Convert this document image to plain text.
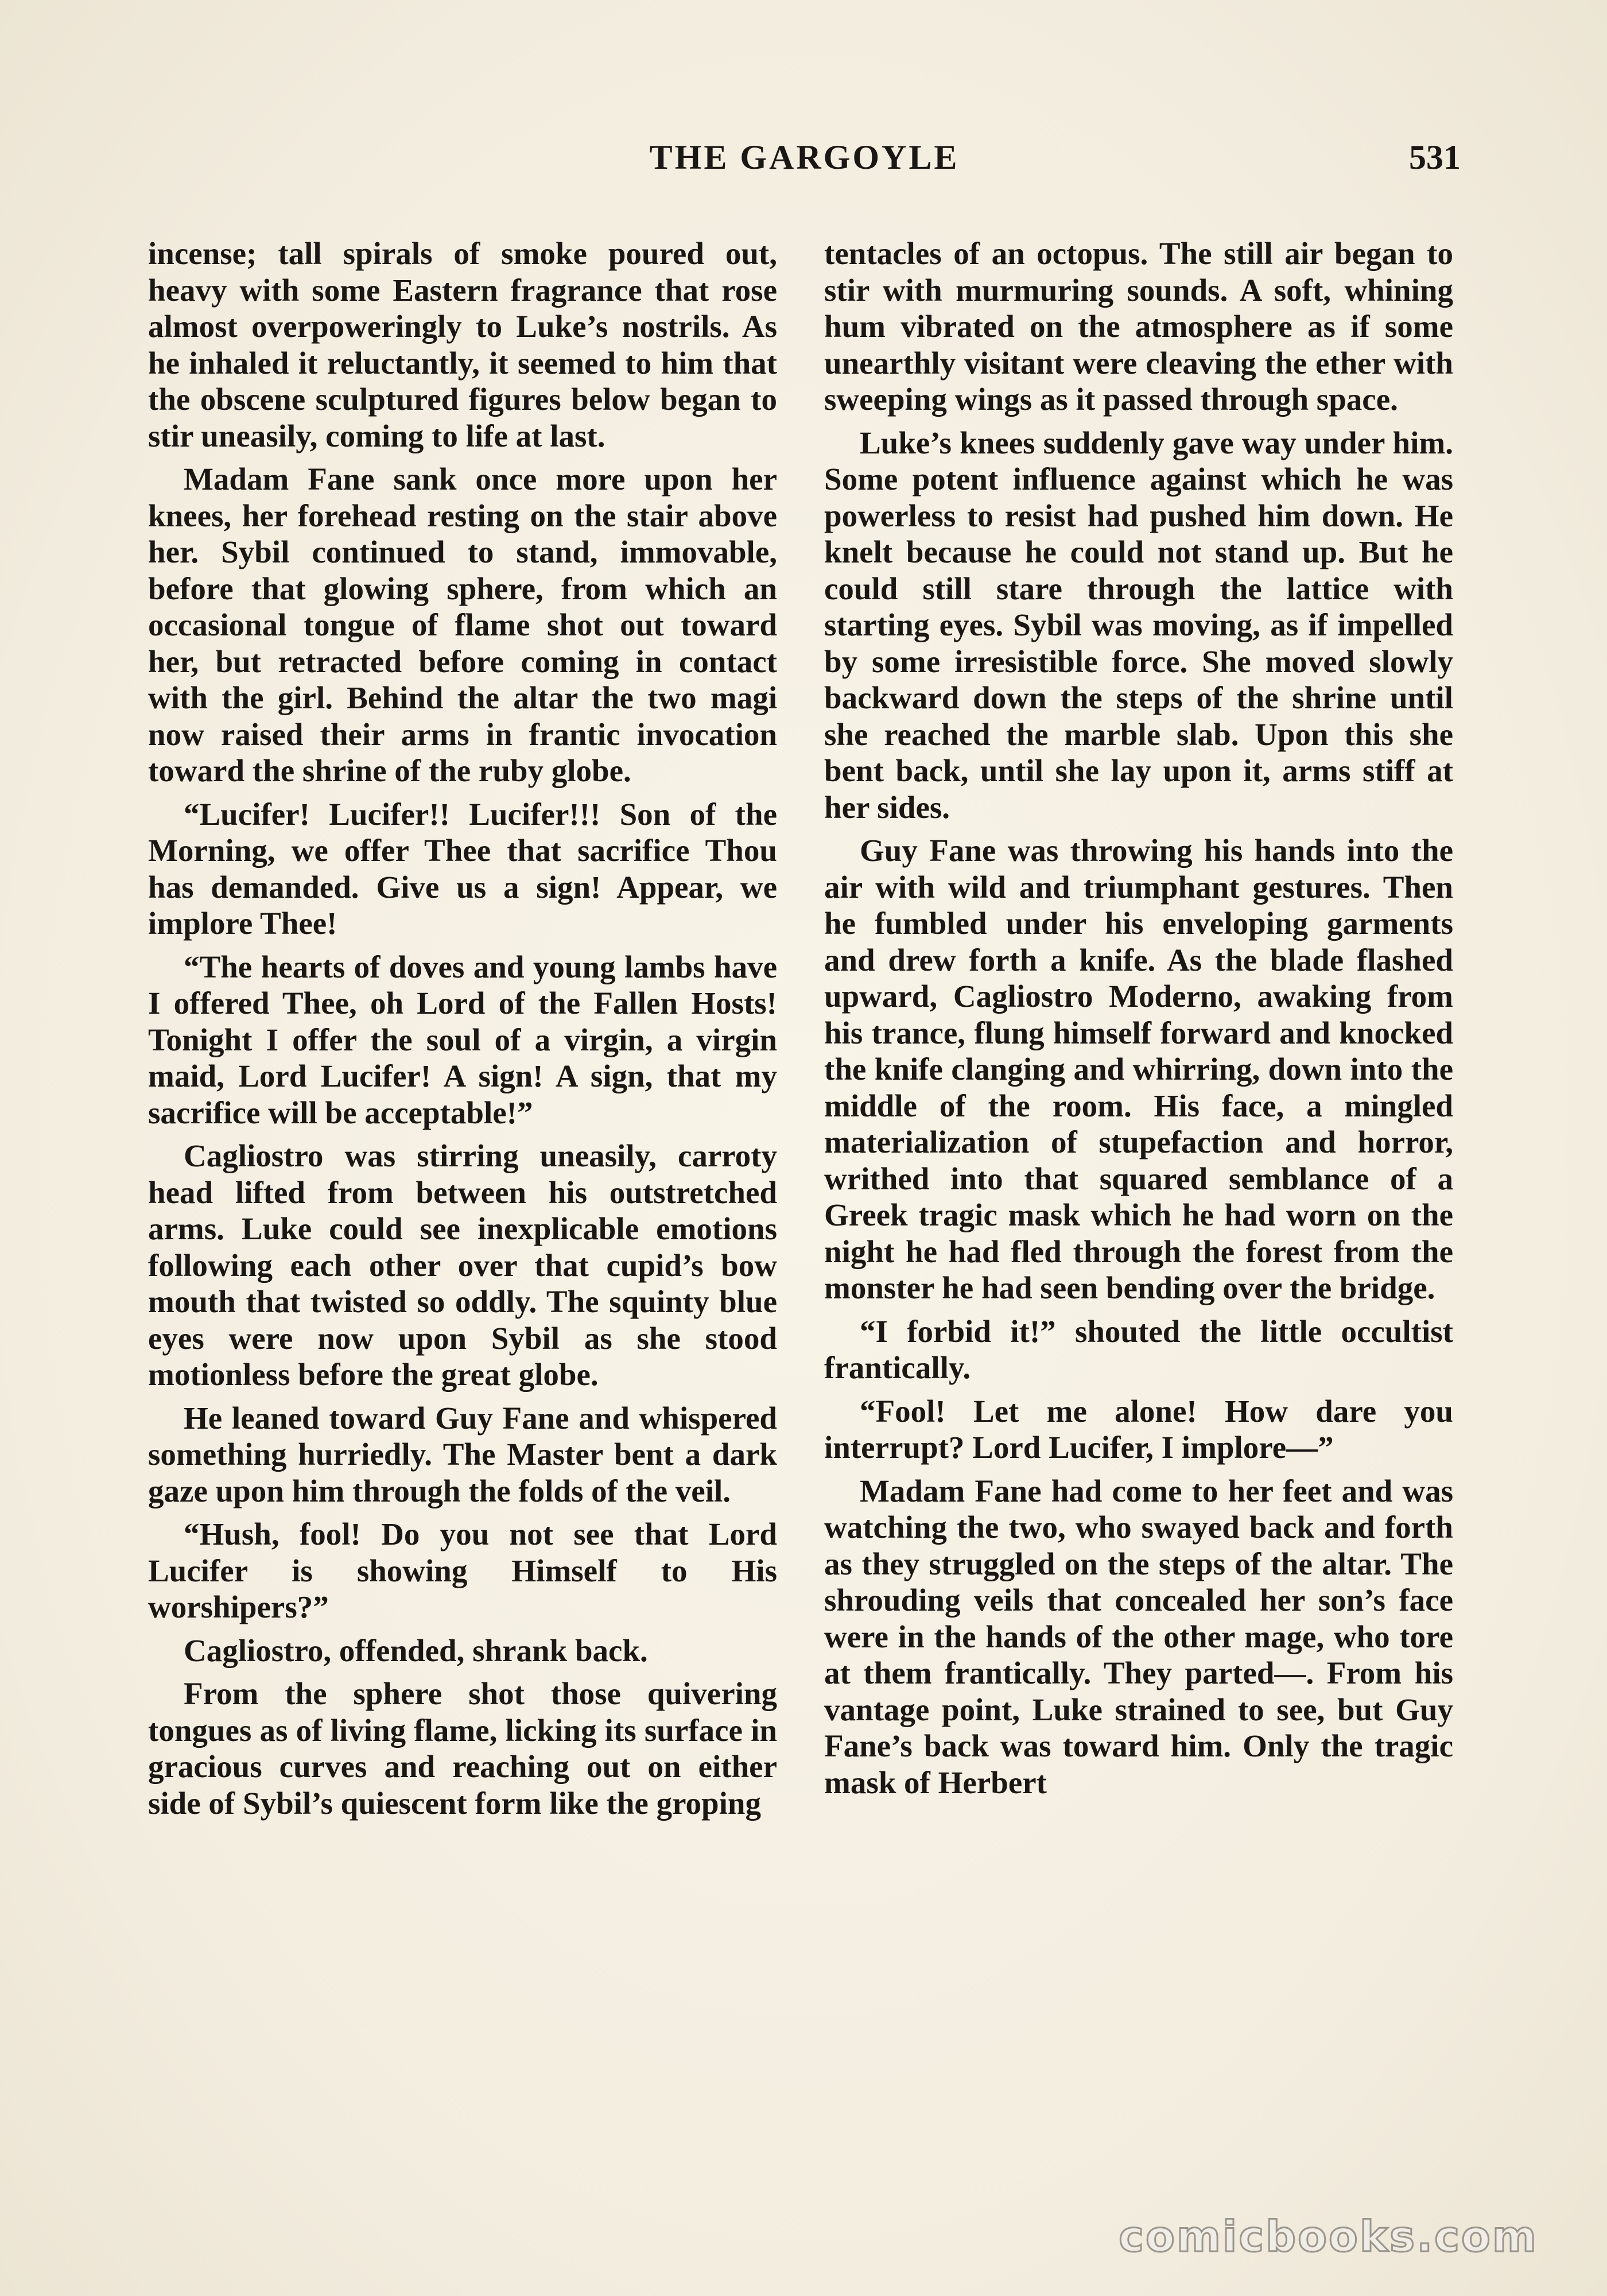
THE GARGOYLE	531

incense; tall spirals of smoke poured out, heavy with some Eastern fragrance that rose almost overpoweringly to Luke’s nostrils. As he inhaled it reluctantly, it seemed to him that the obscene sculptured figures below began to stir uneasily, coming to life at last.

Madam Fane sank once more upon her knees, her forehead resting on the stair above her. Sybil continued to stand, immovable, before that glowing sphere, from which an occasional tongue of flame shot out toward her, but retracted before coming in contact with the girl. Behind the altar the two magi now raised their arms in frantic invocation toward the shrine of the ruby globe.

“Lucifer! Lucifer!! Lucifer!!! Son of the Morning, we offer Thee that sacrifice Thou has demanded. Give us a sign! Appear, we implore Thee!

“The hearts of doves and young lambs have I offered Thee, oh Lord of the Fallen Hosts! Tonight I offer the soul of a virgin, a virgin maid, Lord Lucifer! A sign! A sign, that my sacrifice will be acceptable!”

Cagliostro was stirring uneasily, carroty head lifted from between his outstretched arms. Luke could see inexplicable emotions following each other over that cupid’s bow mouth that twisted so oddly. The squinty blue eyes were now upon Sybil as she stood motionless before the great globe.

He leaned toward Guy Fane and whispered something hurriedly. The Master bent a dark gaze upon him through the folds of the veil.

“Hush, fool! Do you not see that Lord Lucifer is showing Himself to His worshipers?”

Cagliostro, offended, shrank back.

From the sphere shot those quivering tongues as of living flame, licking its surface in gracious curves and reaching out on either side of Sybil’s quiescent form like the groping

tentacles of an octopus. The still air began to stir with murmuring sounds. A soft, whining hum vibrated on the atmosphere as if some unearthly visitant were cleaving the ether with sweeping wings as it passed through space.

Luke’s knees suddenly gave way under him. Some potent influence against which he was powerless to resist had pushed him down. He knelt because he could not stand up. But he could still stare through the lattice with starting eyes. Sybil was moving, as if impelled by some irresistible force. She moved slowly backward down the steps of the shrine until she reached the marble slab. Upon this she bent back, until she lay upon it, arms stiff at her sides.

Guy Fane was throwing his hands into the air with wild and triumphant gestures. Then he fumbled under his enveloping garments and drew forth a knife. As the blade flashed upward, Cagliostro Moderno, awaking from his trance, flung himself forward and knocked the knife clanging and whirring, down into the middle of the room. His face, a mingled materialization of stupefaction and horror, writhed into that squared semblance of a Greek tragic mask which he had worn on the night he had fled through the forest from the monster he had seen bending over the bridge.

“I forbid it!” shouted the little occultist frantically.

“Fool! Let me alone! How dare you interrupt? Lord Lucifer, I implore—”

Madam Fane had come to her feet and was watching the two, who swayed back and forth as they struggled on the steps of the altar. The shrouding veils that concealed her son’s face were in the hands of the other mage, who tore at them frantically. They parted—. From his vantage point, Luke strained to see, but Guy Fane’s back was toward him. Only the tragic mask of Herbert

comicbooks.com
